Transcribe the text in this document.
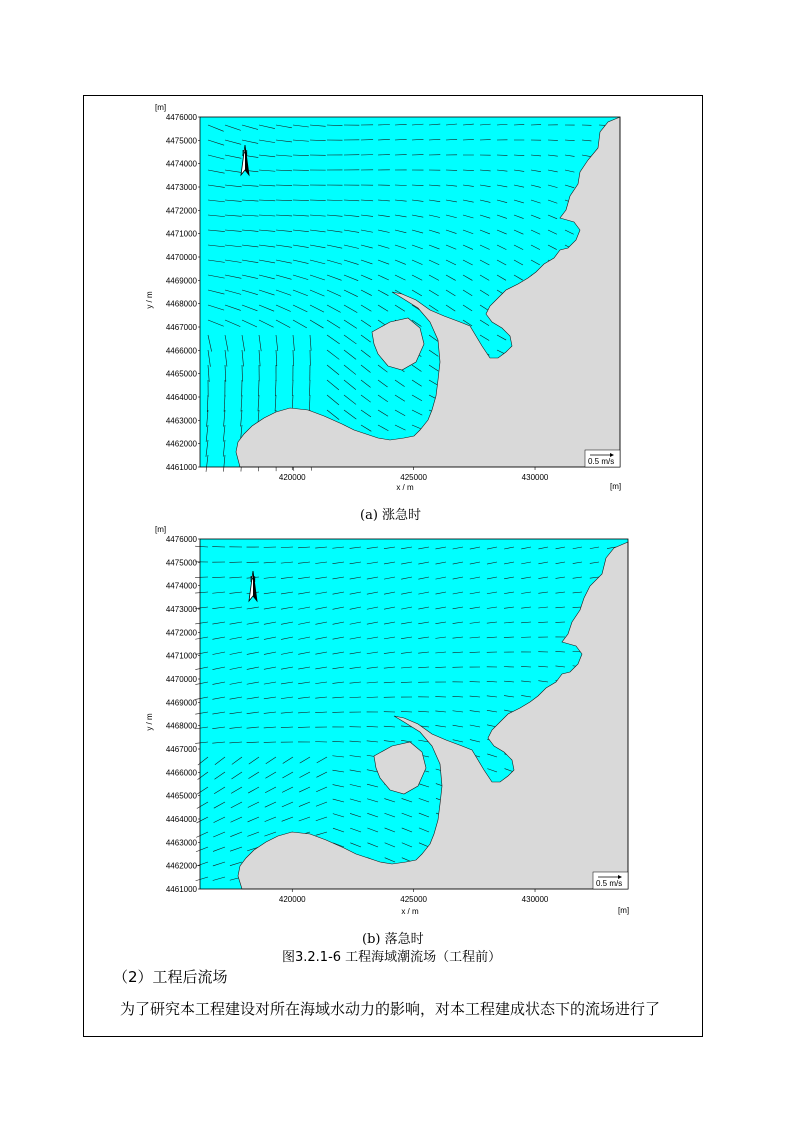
[m]
4476000
4475000
4474000
4473000
4472000
4471000
4470000
4469000
4468000
4467000
4466000
4465000
4464000
4463000
4462000
4461000
y / m
420000	425000	430000
x / m	[m]
N
0.5 m/s
(a) 涨急时
[m]
4476000
4475000
4474000
4473000
4472000
4471000
4470000
4469000
4468000
4467000
4466000
4465000
4464000
4463000
4462000
4461000
y / m
420000	425000	430000
x / m	[m]
N
0.5 m/s
(b) 落急时
图3.2.1-6 工程海域潮流场（工程前）
（2）工程后流场
为了研究本工程建设对所在海域水动力的影响，对本工程建成状态下的流场进行了
